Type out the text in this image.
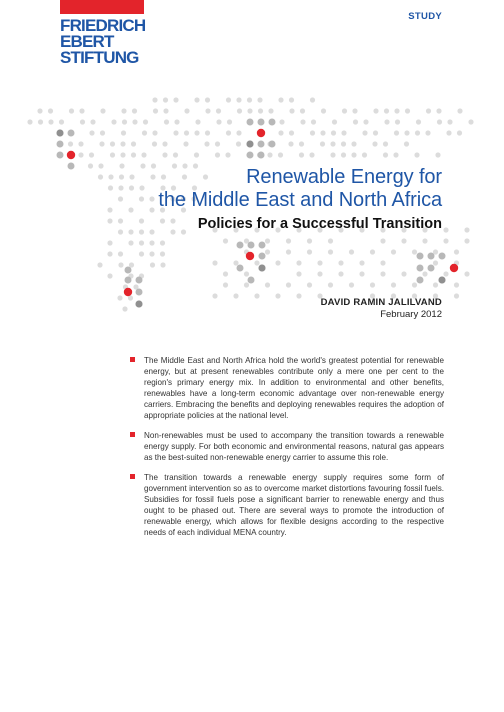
FRIEDRICH
EBERT
STIFTUNG
STUDY
Renewable Energy for
the Middle East and North Africa
Policies for a Successful Transition
DAVID RAMIN JALILVAND
February 2012
The Middle East and North Africa hold the world's greatest potential for renewable energy, but at present renewables contribute only a mere one per cent to the region's primary energy mix. In addition to environmental and other benefits, renewables have a long-term economic advantage over non-renewable energy carriers. Embracing the benefits and deploying renewables requires the adoption of appropriate policies at the national level.
Non-renewables must be used to accompany the transition towards a renewable energy supply. For both economic and environmental reasons, natural gas appears as the best-suited non-renewable energy carrier to assume this role.
The transition towards a renewable energy supply requires some form of government intervention so as to overcome market distortions favouring fossil fuels. Subsidies for fossil fuels pose a significant barrier to renewable energy and thus ought to be phased out. There are several ways to promote the introduction of renewable energy, which allows for flexible designs according to the respective needs of each individual MENA country.
